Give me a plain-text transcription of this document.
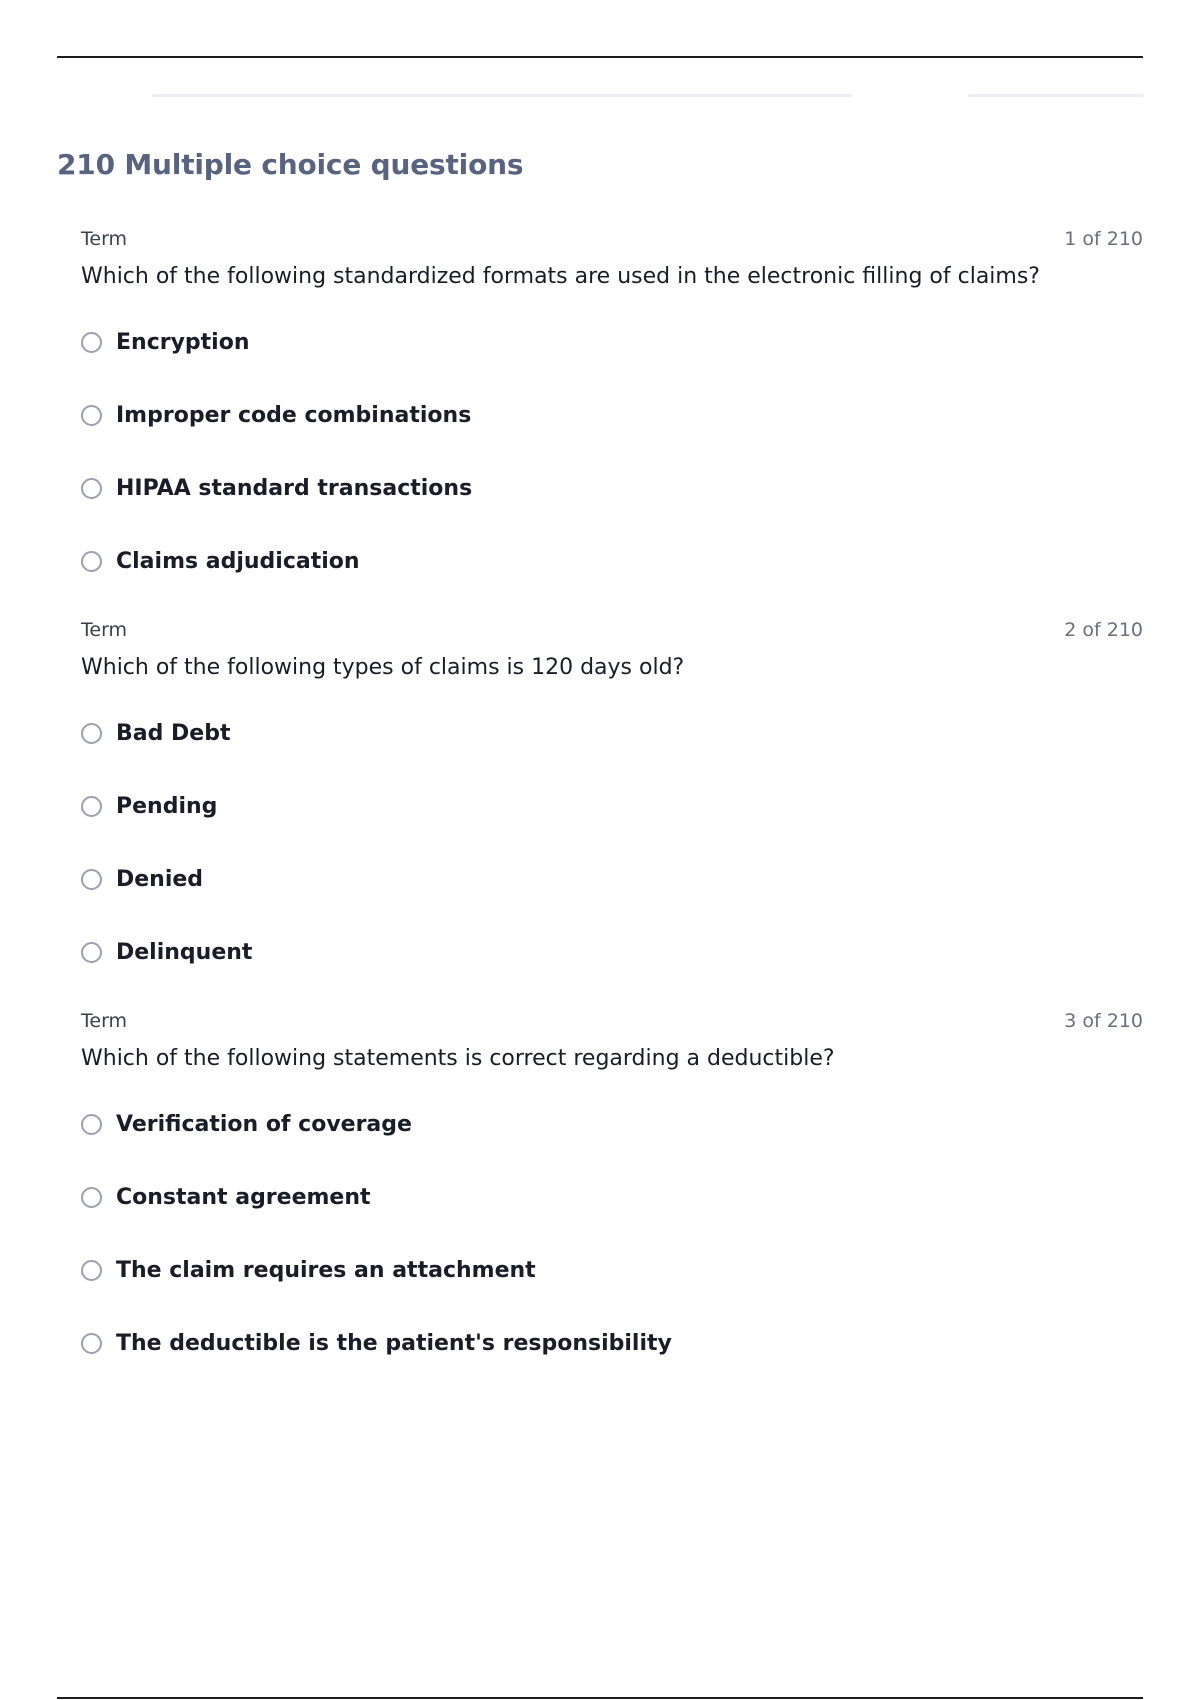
210 Multiple choice questions
Term	1 of 210
Which of the following standardized formats are used in the electronic filling of claims?
Encryption
Improper code combinations
HIPAA standard transactions
Claims adjudication
Term	2 of 210
Which of the following types of claims is 120 days old?
Bad Debt
Pending
Denied
Delinquent
Term	3 of 210
Which of the following statements is correct regarding a deductible?
Verification of coverage
Constant agreement
The claim requires an attachment
The deductible is the patient's responsibility
